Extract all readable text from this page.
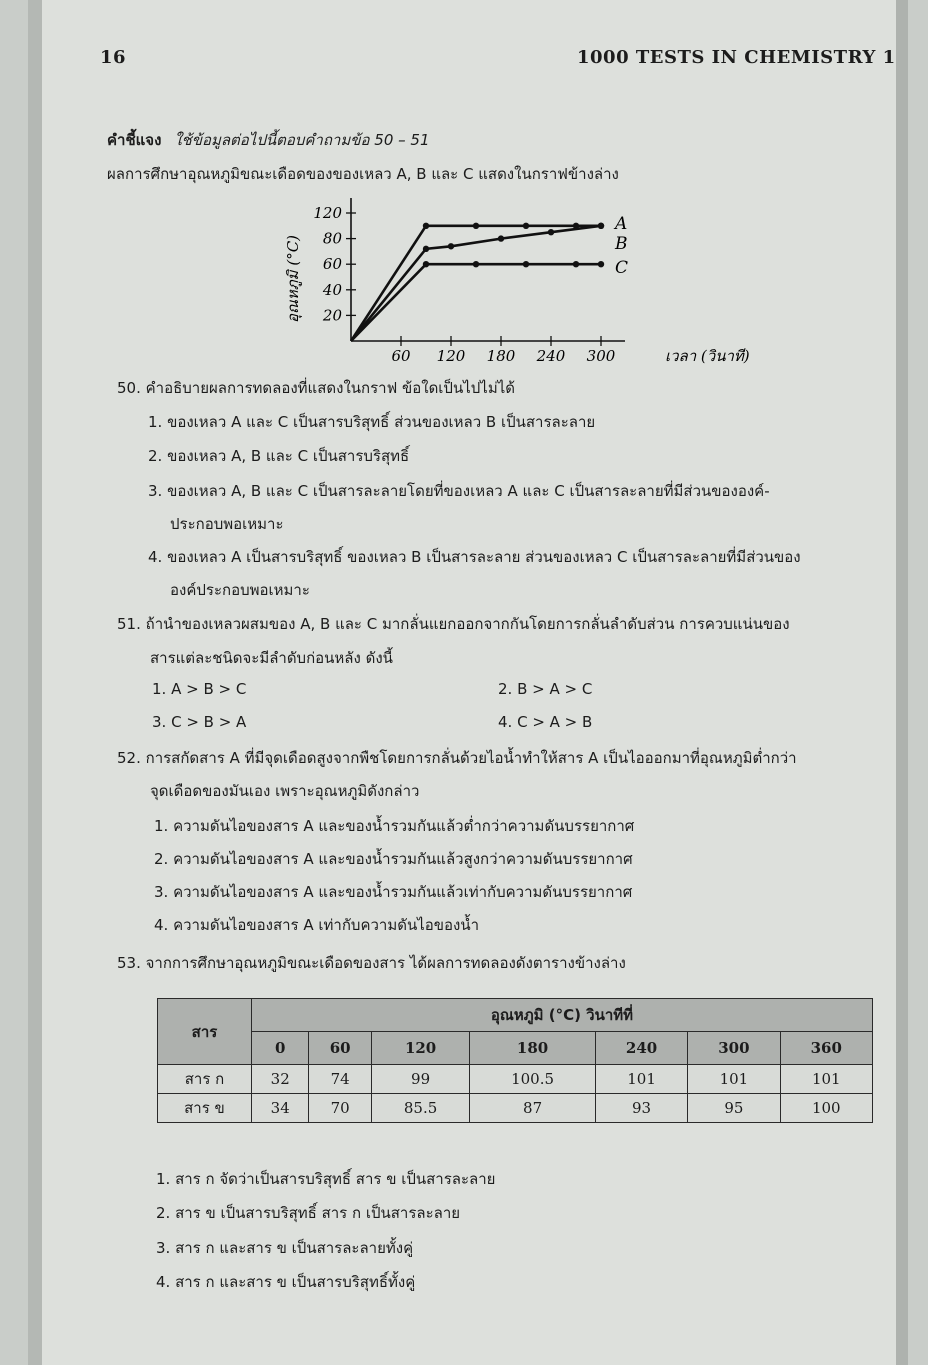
16	1000 TESTS IN CHEMISTRY 1
คำชี้แจง ใช้ข้อมูลต่อไปนี้ตอบคำถามข้อ 50 – 51
ผลการศึกษาอุณหภูมิขณะเดือดของของเหลว A, B และ C แสดงในกราฟข้างล่าง
60 120 180 240 300
20
40
60
80
120
อุณหภูมิ (°C)
เวลา (วินาที)
A
B
C
50. คำอธิบายผลการทดลองที่แสดงในกราฟ ข้อใดเป็นไปไม่ได้
1. ของเหลว A และ C เป็นสารบริสุทธิ์ ส่วนของเหลว B เป็นสารละลาย
2. ของเหลว A, B และ C เป็นสารบริสุทธิ์
3. ของเหลว A, B และ C เป็นสารละลายโดยที่ของเหลว A และ C เป็นสารละลายที่มีส่วนขององค์-
ประกอบพอเหมาะ
4. ของเหลว A เป็นสารบริสุทธิ์ ของเหลว B เป็นสารละลาย ส่วนของเหลว C เป็นสารละลายที่มีส่วนของ
องค์ประกอบพอเหมาะ
51. ถ้านำของเหลวผสมของ A, B และ C มากลั่นแยกออกจากกันโดยการกลั่นลำดับส่วน การควบแน่นของ
สารแต่ละชนิดจะมีลำดับก่อนหลัง ดังนี้
1. A > B > C	2. B > A > C
3. C > B > A	4. C > A > B
52. การสกัดสาร A ที่มีจุดเดือดสูงจากพืชโดยการกลั่นด้วยไอน้ำทำให้สาร A เป็นไอออกมาที่อุณหภูมิต่ำกว่า
จุดเดือดของมันเอง เพราะอุณหภูมิดังกล่าว
1. ความดันไอของสาร A และของน้ำรวมกันแล้วต่ำกว่าความดันบรรยากาศ
2. ความดันไอของสาร A และของน้ำรวมกันแล้วสูงกว่าความดันบรรยากาศ
3. ความดันไอของสาร A และของน้ำรวมกันแล้วเท่ากับความดันบรรยากาศ
4. ความดันไอของสาร A เท่ากับความดันไอของน้ำ
53. จากการศึกษาอุณหภูมิขณะเดือดของสาร ได้ผลการทดลองดังตารางข้างล่าง
สาร	อุณหภูมิ (°C) วินาทีที่						
	0	60	120	180	240	300	360
สาร ก	32	74	99	100.5	101	101	101
สาร ข	34	70	85.5	87	93	95	100
1. สาร ก จัดว่าเป็นสารบริสุทธิ์ สาร ข เป็นสารละลาย
2. สาร ข เป็นสารบริสุทธิ์ สาร ก เป็นสารละลาย
3. สาร ก และสาร ข เป็นสารละลายทั้งคู่
4. สาร ก และสาร ข เป็นสารบริสุทธิ์ทั้งคู่
